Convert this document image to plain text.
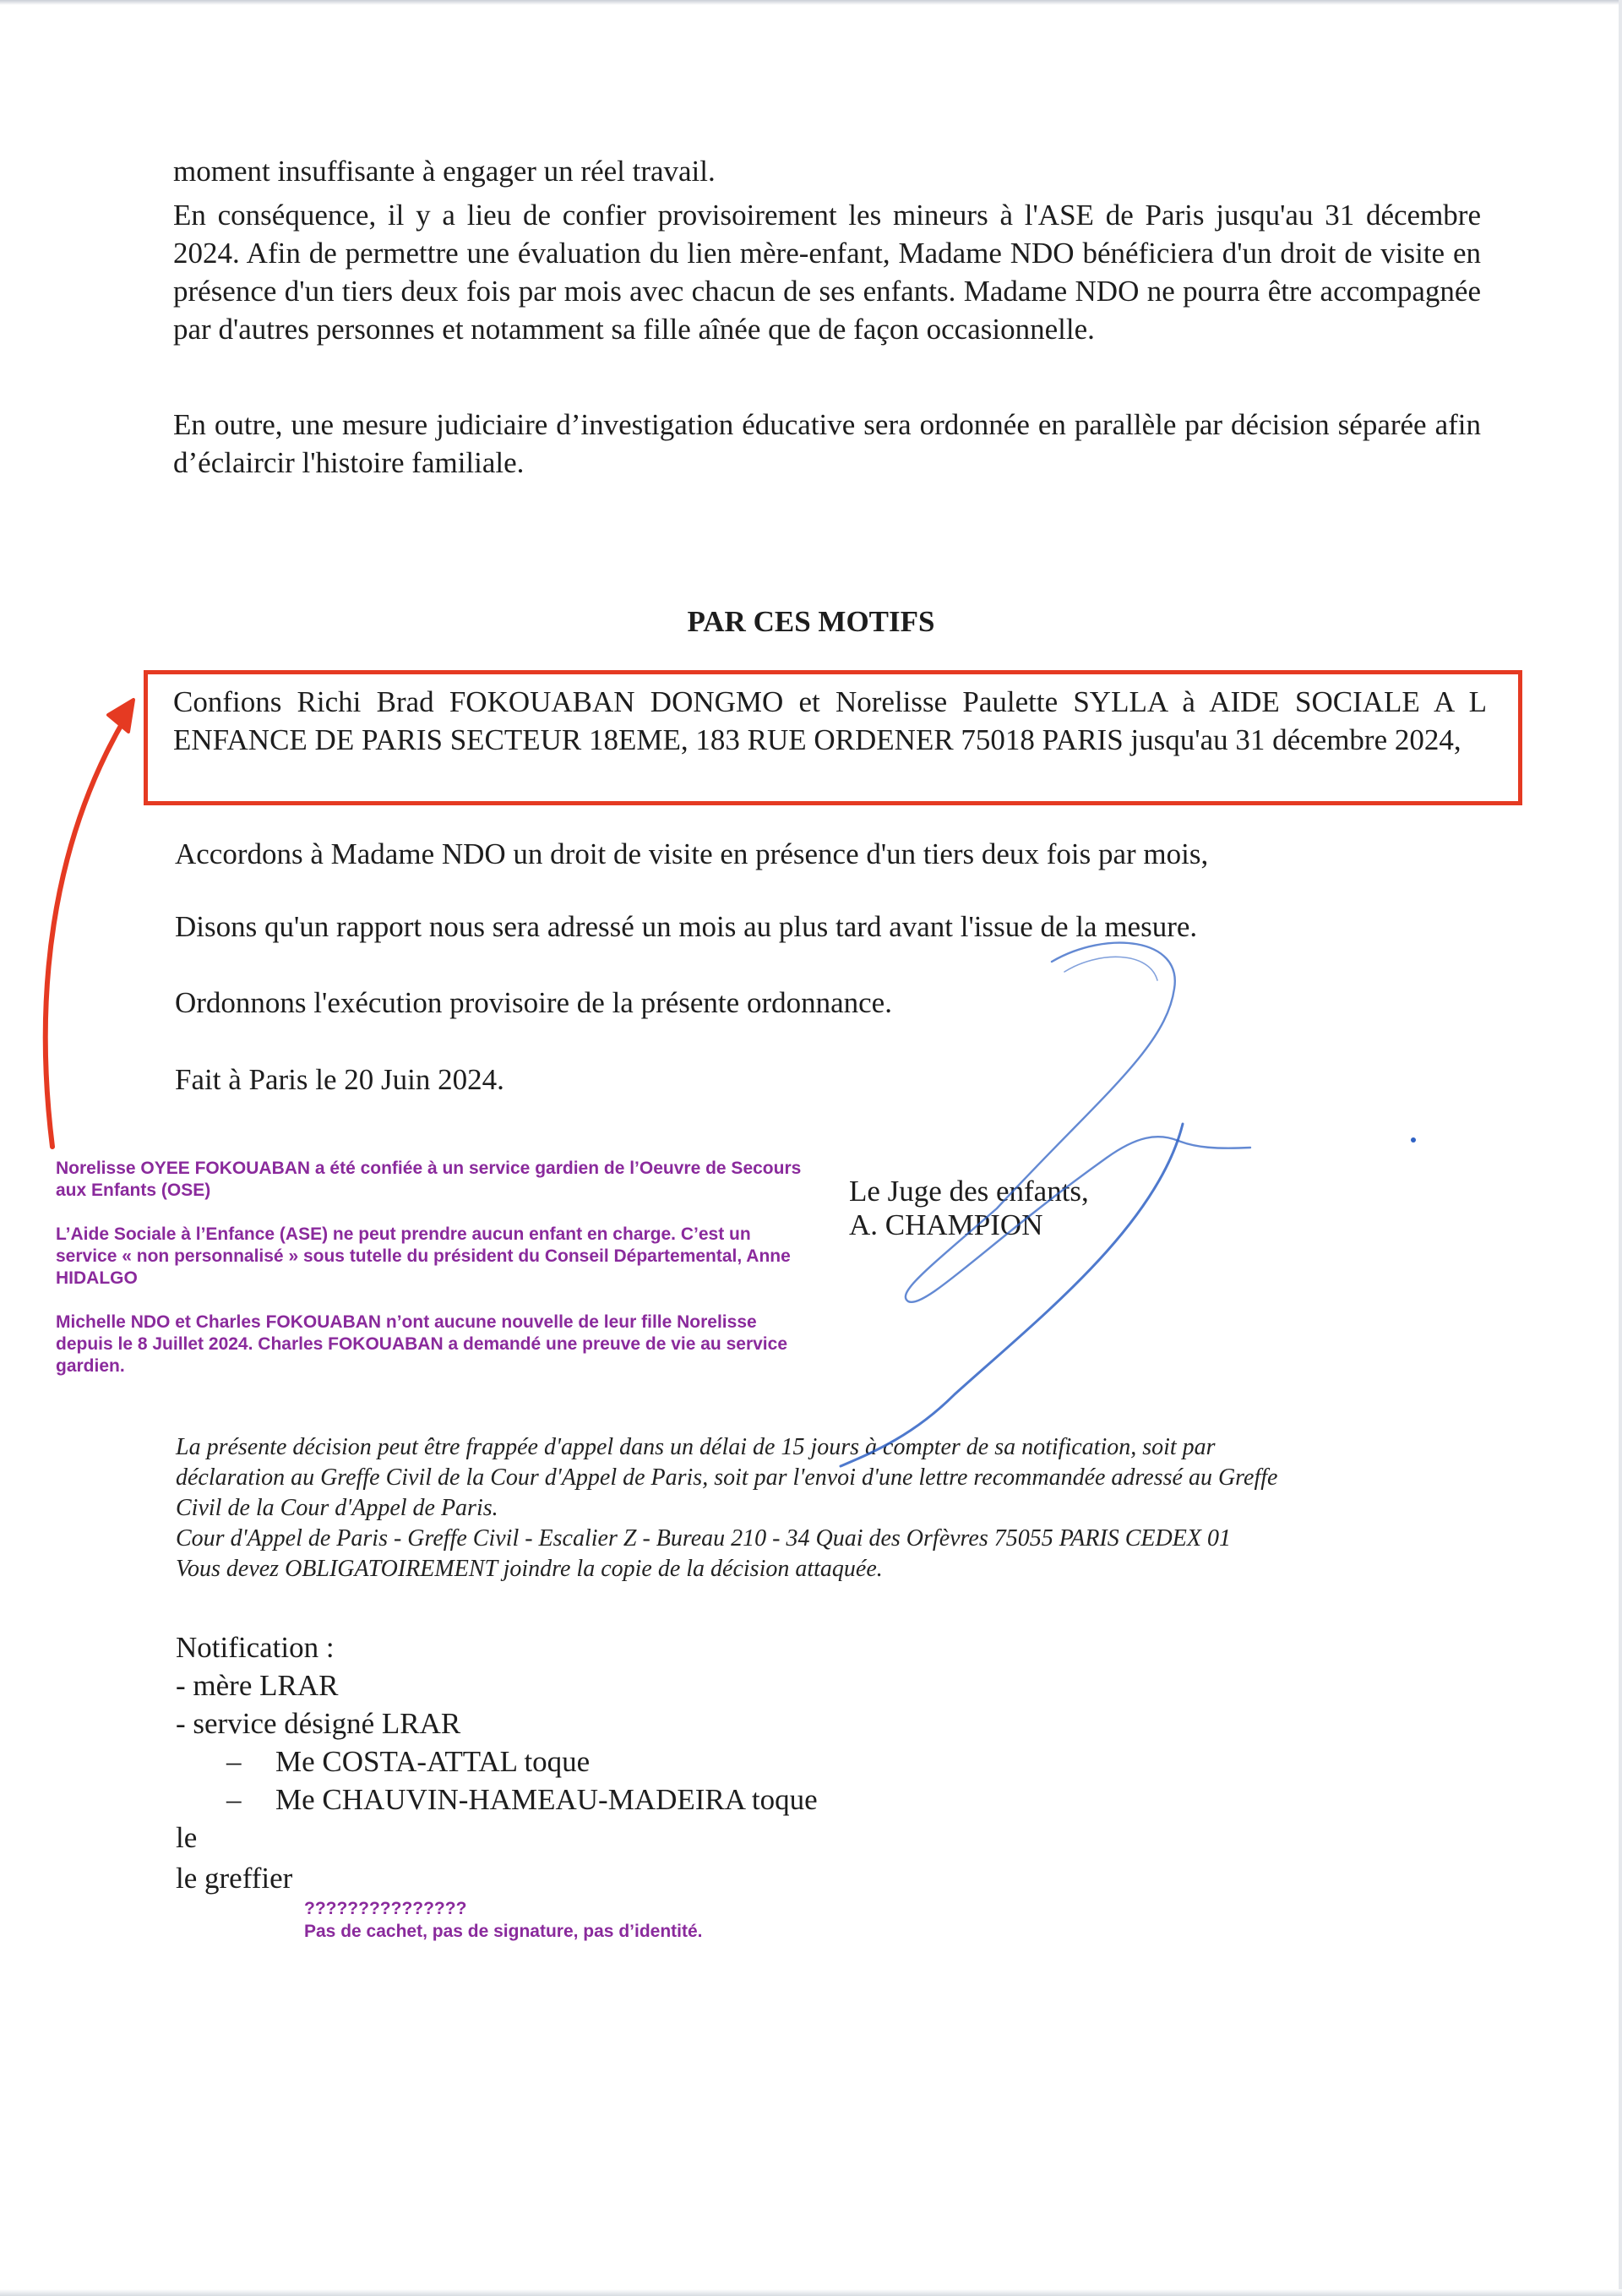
moment insuffisante à engager un réel travail.

En conséquence, il y a lieu de confier provisoirement les mineurs à l'ASE de Paris jusqu'au 31 décembre 2024. Afin de permettre une évaluation du lien mère-enfant, Madame NDO bénéficiera d'un droit de visite en présence d'un tiers deux fois par mois avec chacun de ses enfants. Madame NDO ne pourra être accompagnée par d'autres personnes et notamment sa fille aînée que de façon occasionnelle.

En outre, une mesure judiciaire d’investigation éducative sera ordonnée en parallèle par décision séparée afin d’éclaircir l'histoire familiale.

PAR CES MOTIFS

Confions Richi Brad FOKOUABAN DONGMO et Norelisse Paulette SYLLA à AIDE SOCIALE A L ENFANCE DE PARIS SECTEUR 18EME, 183 RUE ORDENER 75018 PARIS jusqu'au 31 décembre 2024,

Accordons à Madame NDO un droit de visite en présence d'un tiers deux fois par mois,

Disons qu'un rapport nous sera adressé un mois au plus tard avant l'issue de la mesure.

Ordonnons l'exécution provisoire de la présente ordonnance.

Fait à Paris le 20 Juin 2024.

Norelisse OYEE FOKOUABAN a été confiée à un service gardien de l’Oeuvre de Secours aux Enfants (OSE)

L’Aide Sociale à l’Enfance (ASE) ne peut prendre aucun enfant en charge. C’est un service « non personnalisé » sous tutelle du président du Conseil Départemental, Anne HIDALGO

Michelle NDO et Charles FOKOUABAN n’ont aucune nouvelle de leur fille Norelisse depuis le 8 Juillet 2024. Charles FOKOUABAN a demandé une preuve de vie au service gardien.

Le Juge des enfants,

A. CHAMPION

La présente décision peut être frappée d'appel dans un délai de 15 jours à compter de sa notification, soit par
déclaration au Greffe Civil de la Cour d'Appel de Paris, soit par l'envoi d'une lettre recommandée adressé au Greffe
Civil de la Cour d'Appel de Paris.
Cour d'Appel de Paris - Greffe Civil - Escalier Z - Bureau 210 - 34 Quai des Orfèvres 75055 PARIS CEDEX 01
Vous devez OBLIGATOIREMENT joindre la copie de la décision attaquée.

Notification :

- mère LRAR

- service désigné LRAR

– Me COSTA-ATTAL toque

– Me CHAUVIN-HAMEAU-MADEIRA toque

le

le greffier

???????????????

Pas de cachet, pas de signature, pas d’identité.
